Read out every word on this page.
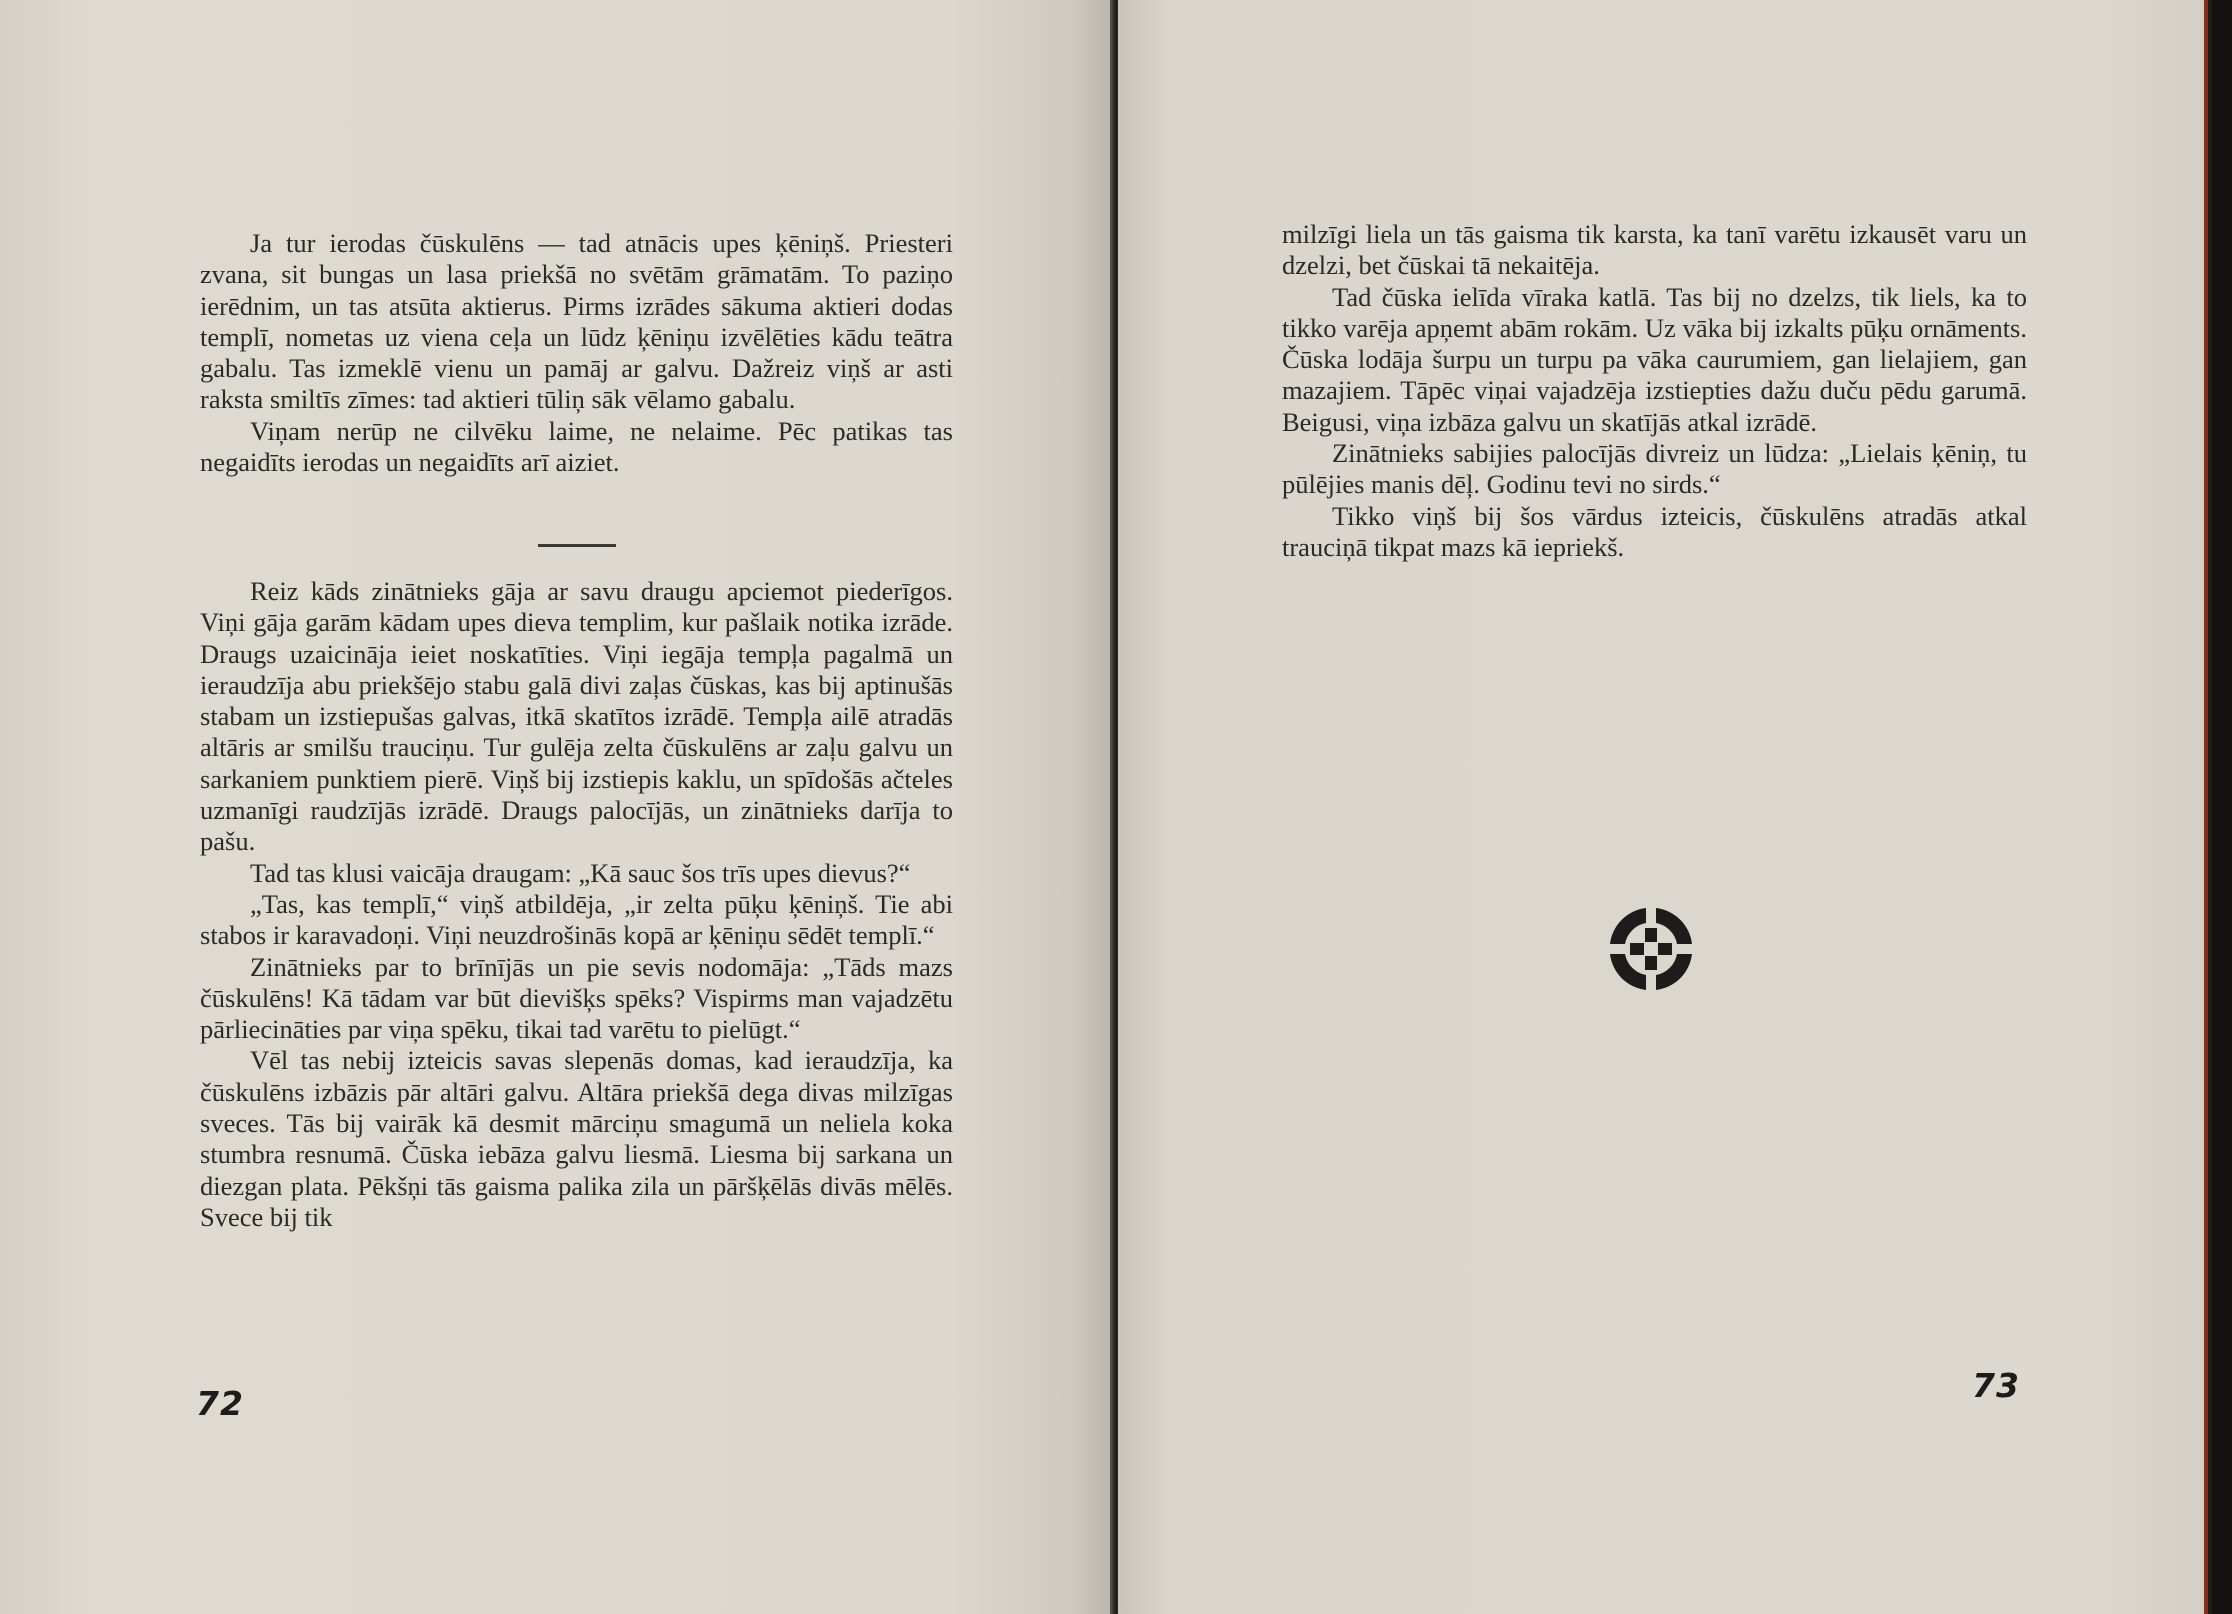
Ja tur ierodas čūskulēns — tad atnācis upes ķēniņš. Priesteri zvana, sit bungas un lasa priekšā no svētām grāmatām. To paziņo ierēdnim, un tas atsūta aktierus. Pirms izrādes sākuma aktieri dodas templī, nometas uz viena ceļa un lūdz ķēniņu izvēlēties kādu teātra gabalu. Tas izmeklē vienu un pamāj ar galvu. Dažreiz viņš ar asti raksta smiltīs zīmes: tad aktieri tūliņ sāk vēlamo gabalu.

Viņam nerūp ne cilvēku laime, ne nelaime. Pēc patikas tas negaidīts ierodas un negaidīts arī aiziet.

Reiz kāds zinātnieks gāja ar savu draugu apciemot piederīgos. Viņi gāja garām kādam upes dieva templim, kur pašlaik notika izrāde. Draugs uzaicināja ieiet noskatīties. Viņi iegāja tempļa pagalmā un ieraudzīja abu priekšējo stabu galā divi zaļas čūskas, kas bij aptinušās stabam un izstiepušas galvas, itkā skatītos izrādē. Tempļa ailē atradās altāris ar smilšu trauciņu. Tur gulēja zelta čūskulēns ar zaļu galvu un sarkaniem punktiem pierē. Viņš bij izstiepis kaklu, un spīdošās ačteles uzmanīgi raudzījās izrādē. Draugs palocījās, un zinātnieks darīja to pašu.

Tad tas klusi vaicāja draugam: „Kā sauc šos trīs upes dievus?“

„Tas, kas templī,“ viņš atbildēja, „ir zelta pūķu ķēniņš. Tie abi stabos ir karavadoņi. Viņi neuzdrošinās kopā ar ķēniņu sēdēt templī.“

Zinātnieks par to brīnījās un pie sevis nodomāja: „Tāds mazs čūskulēns! Kā tādam var būt dievišķs spēks? Vispirms man vajadzētu pārliecināties par viņa spēku, tikai tad varētu to pielūgt.“

Vēl tas nebij izteicis savas slepenās domas, kad ieraudzīja, ka čūskulēns izbāzis pār altāri galvu. Altāra priekšā dega divas milzīgas sveces. Tās bij vairāk kā desmit mārciņu smagumā un neliela koka stumbra resnumā. Čūska iebāza galvu liesmā. Liesma bij sarkana un diezgan plata. Pēkšņi tās gaisma palika zila un pāršķēlās divās mēlēs. Svece bij tik

72

milzīgi liela un tās gaisma tik karsta, ka tanī varētu izkausēt varu un dzelzi, bet čūskai tā nekaitēja.

Tad čūska ielīda vīraka katlā. Tas bij no dzelzs, tik liels, ka to tikko varēja apņemt abām rokām. Uz vāka bij izkalts pūķu ornāments. Čūska lodāja šurpu un turpu pa vāka caurumiem, gan lielajiem, gan mazajiem. Tāpēc viņai vajadzēja izstiepties dažu duču pēdu garumā. Beigusi, viņa izbāza galvu un skatījās atkal izrādē.

Zinātnieks sabijies palocījās divreiz un lūdza: „Lielais ķēniņ, tu pūlējies manis dēļ. Godinu tevi no sirds.“

Tikko viņš bij šos vārdus izteicis, čūskulēns atradās atkal trauciņā tikpat mazs kā iepriekš.

73
